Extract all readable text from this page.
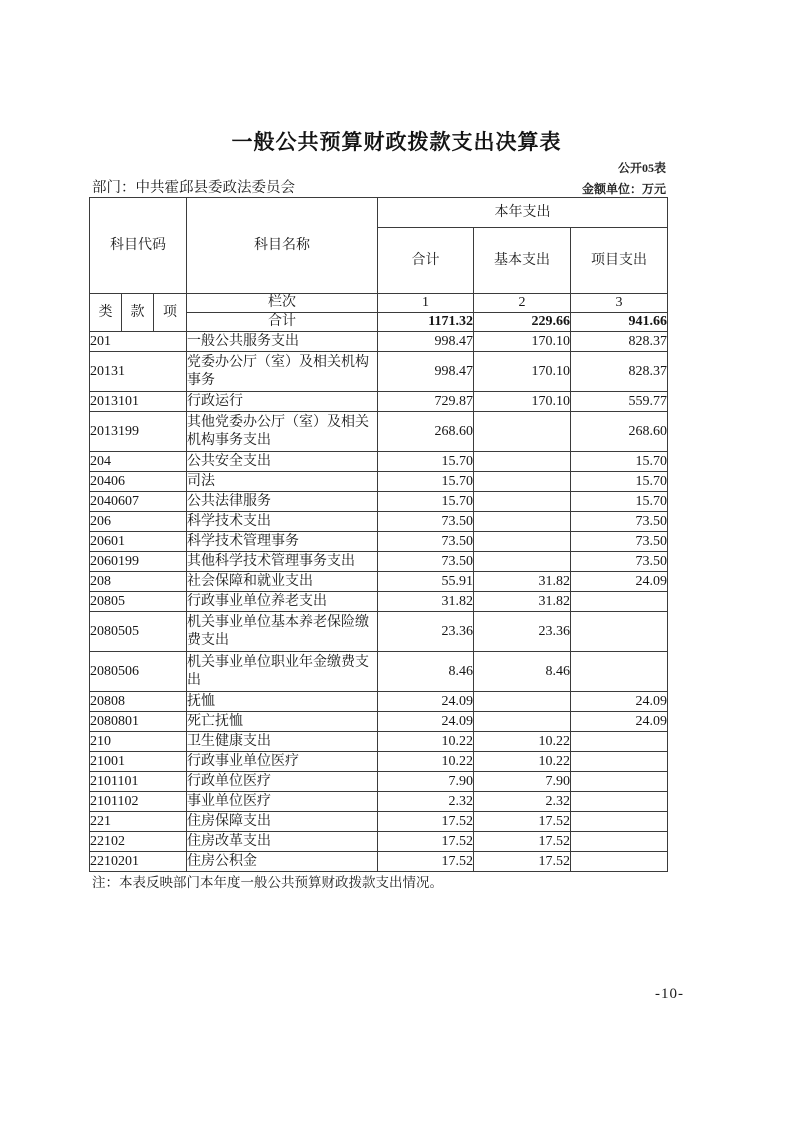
一般公共预算财政拨款支出决算表
公开05表
部门：中共霍邱县委政法委员会	金额单位：万元
科目代码			科目名称	本年支出		
				合计	基本支出	项目支出
类	款	项	栏次	1	2	3
			合计	1171.32	229.66	941.66
201			一般公共服务支出	998.47	170.10	828.37
20131			党委办公厅（室）及相关机构事务	998.47	170.10	828.37
2013101			行政运行	729.87	170.10	559.77
2013199			其他党委办公厅（室）及相关机构事务支出	268.60		268.60
204			公共安全支出	15.70		15.70
20406			司法	15.70		15.70
2040607			公共法律服务	15.70		15.70
206			科学技术支出	73.50		73.50
20601			科学技术管理事务	73.50		73.50
2060199			其他科学技术管理事务支出	73.50		73.50
208			社会保障和就业支出	55.91	31.82	24.09
20805			行政事业单位养老支出	31.82	31.82	
2080505			机关事业单位基本养老保险缴费支出	23.36	23.36	
2080506			机关事业单位职业年金缴费支出	8.46	8.46	
20808			抚恤	24.09		24.09
2080801			死亡抚恤	24.09		24.09
210			卫生健康支出	10.22	10.22	
21001			行政事业单位医疗	10.22	10.22	
2101101			行政单位医疗	7.90	7.90	
2101102			事业单位医疗	2.32	2.32	
221			住房保障支出	17.52	17.52	
22102			住房改革支出	17.52	17.52	
2210201			住房公积金	17.52	17.52	
注：本表反映部门本年度一般公共预算财政拨款支出情况。
-10-
